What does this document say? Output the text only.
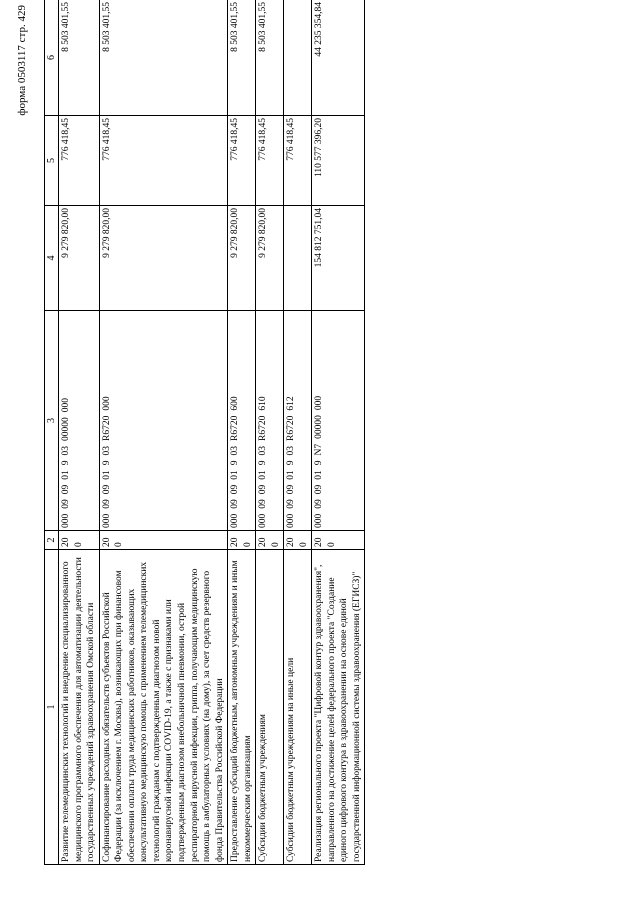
форма 0503117 стр. 429
1	2	3	4	5	6
Развитие телемедицинских технологий и внедрение специализированного медицинского программного обеспечения для автоматизации деятельности государственных учреждений здравоохранения Омской области	200	00009090190300000000	9 279 820,00	776 418,45	8 503 401,55
Софинансирование расходных обязательств субъектов Российской Федерации (за исключением г. Москвы), возникающих при финансовом обеспечении оплаты труда медицинских работников, оказывающих консультативную медицинскую помощь с применением телемедицинских технологий гражданам с подтвержденным диагнозом новой коронавирусной инфекции COVID-19, а также с признаками или подтвержденным диагнозом внебольничной пневмонии, острой респираторной вирусной инфекции, гриппа, получающим медицинскую помощь в амбулаторных условиях (на дому), за счет средств резервного фонда Правительства Российской Федерации	200	000090901903R6720000	9 279 820,00	776 418,45	8 503 401,55
Предоставление субсидий бюджетным, автономным учреждениям и иным некоммерческим организациям	200	000090901903R6720600	9 279 820,00	776 418,45	8 503 401,55
Субсидии бюджетным учреждениям	200	000090901903R6720610	9 279 820,00	776 418,45	8 503 401,55
Субсидии бюджетным учреждениям на иные цели	200	000090901903R6720612		776 418,45	
Реализация регионального проекта "Цифровой контур здравоохранения", направленного на достижение целей федерального проекта "Создание единого цифрового контура в здравоохранении на основе единой государственной информационной системы здравоохранения (ЕГИСЗ)"	200	0000909019N700000000	154 812 751,04	110 577 396,20	44 235 354,84
